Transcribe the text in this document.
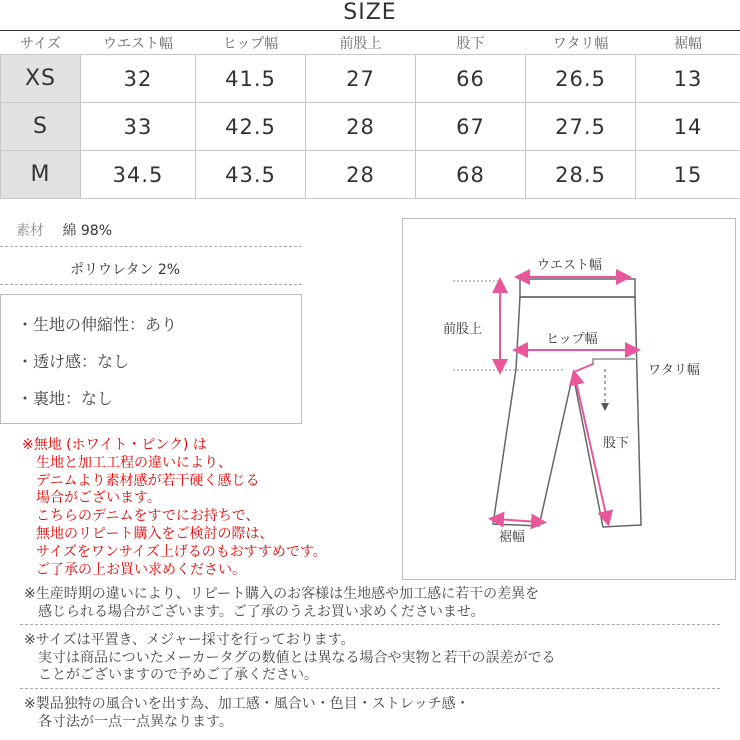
SIZE
サイズ	ウエスト幅	ヒップ幅	前股上	股下	ワタリ幅	裾幅
XS	32	41.5	27	66	26.5	13
S	33	42.5	28	67	27.5	14
M	34.5	43.5	28	68	28.5	15
素材 綿 98%
ポリウレタン 2%
・生地の伸縮性：あり
・透け感：なし
・裏地：なし
※無地 (ホワイト・ピンク) は
　生地と加工工程の違いにより、
　デニムより素材感が若干硬く感じる
　場合がございます。
　こちらのデニムをすでにお持ちで、
　無地のリピート購入をご検討の際は、
　サイズをワンサイズ上げるのもおすすめです。
　ご了承の上お買い求めください。
ウエスト幅
前股上
ヒップ幅
ワタリ幅
股下
裾幅
※生産時期の違いにより、リピート購入のお客様は生地感や加工感に若干の差異を
　感じられる場合がございます。ご了承のうえお買い求めくださいませ。
※サイズは平置き、メジャー採寸を行っております。
　実寸は商品についたメーカータグの数値とは異なる場合や実物と若干の誤差がでる
　ことがございますので予めご了承ください。
※製品独特の風合いを出す為、加工感・風合い・色目・ストレッチ感・
　各寸法が一点一点異なります。
